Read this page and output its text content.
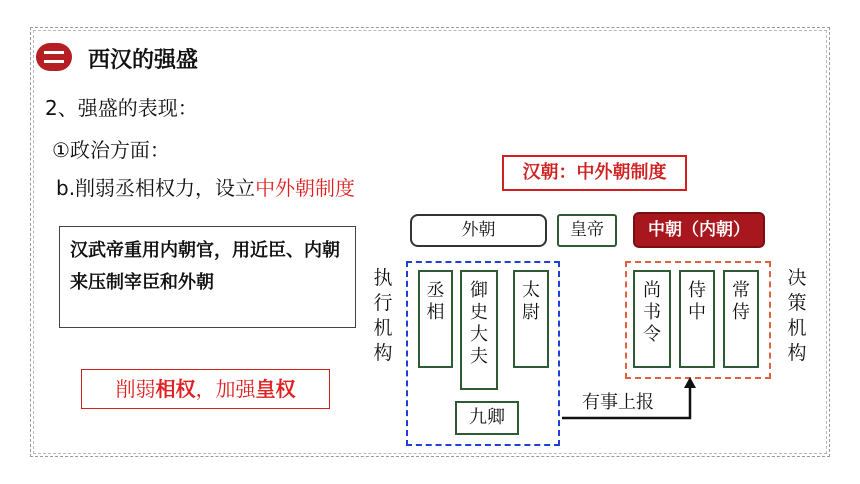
西汉的强盛
2、强盛的表现：
①政治方面：
b.削弱丞相权力，设立中外朝制度
汉武帝重用内朝官，用近臣、内朝来压制宰臣和外朝
削弱相权，加强皇权
汉朝：中外朝制度
外朝	皇帝	中朝（内朝）
执
行
机
构
决
策
机
构
丞
相
御
史
大
夫
太
尉
九卿
尚
书
令
侍
中
常
侍
有事上报
